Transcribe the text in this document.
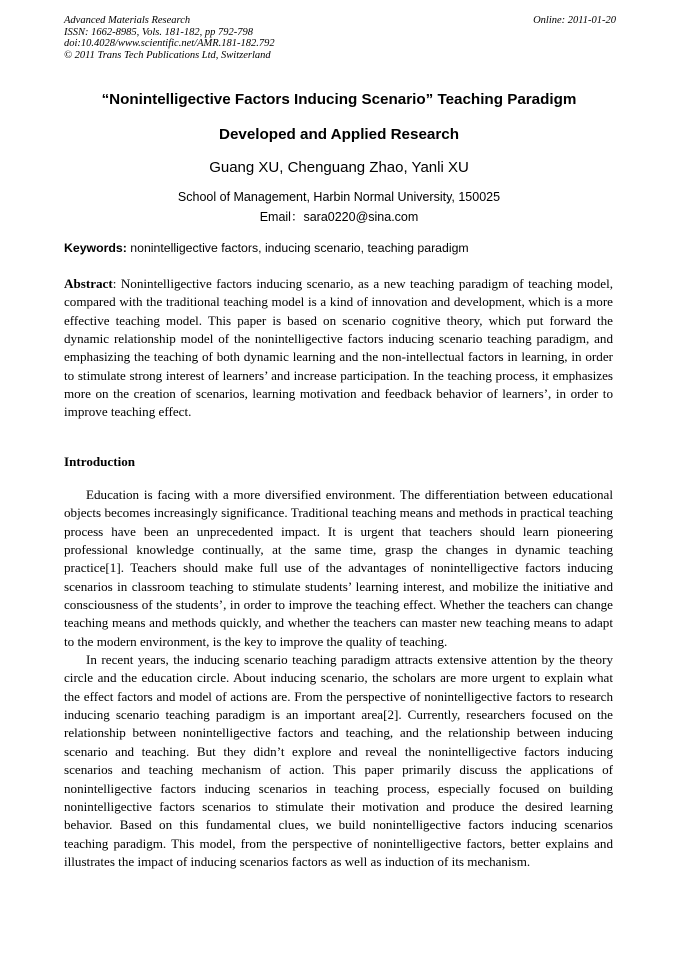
Advanced Materials Research
ISSN: 1662-8985, Vols. 181-182, pp 792-798
doi:10.4028/www.scientific.net/AMR.181-182.792
© 2011 Trans Tech Publications Ltd, Switzerland
Online: 2011-01-20
“Nonintelligective Factors Inducing Scenario” Teaching Paradigm
Developed and Applied Research
Guang XU, Chenguang Zhao, Yanli XU
School of Management, Harbin Normal University, 150025
Email：sara0220@sina.com
Keywords: nonintelligective factors, inducing scenario, teaching paradigm
Abstract: Nonintelligective factors inducing scenario, as a new teaching paradigm of teaching model, compared with the traditional teaching model is a kind of innovation and development, which is a more effective teaching model. This paper is based on scenario cognitive theory, which put forward the dynamic relationship model of the nonintelligective factors inducing scenario teaching paradigm, and emphasizing the teaching of both dynamic learning and the non-intellectual factors in learning, in order to stimulate strong interest of learners’ and increase participation. In the teaching process, it emphasizes more on the creation of scenarios, learning motivation and feedback behavior of learners’, in order to improve teaching effect.
Introduction

Education is facing with a more diversified environment. The differentiation between educational objects becomes increasingly significance. Traditional teaching means and methods in practical teaching process have been an unprecedented impact. It is urgent that teachers should learn pioneering professional knowledge continually, at the same time, grasp the changes in dynamic teaching practice[1]. Teachers should make full use of the advantages of nonintelligective factors inducing scenarios in classroom teaching to stimulate students’ learning interest, and mobilize the initiative and consciousness of the students’, in order to improve the teaching effect. Whether the teachers can change teaching means and methods quickly, and whether the teachers can master new teaching means to adapt to the modern environment, is the key to improve the quality of teaching.

In recent years, the inducing scenario teaching paradigm attracts extensive attention by the theory circle and the education circle. About inducing scenario, the scholars are more urgent to explain what the effect factors and model of actions are. From the perspective of nonintelligective factors to research inducing scenario teaching paradigm is an important area[2]. Currently, researchers focused on the relationship between nonintelligective factors and teaching, and the relationship between inducing scenario and teaching. But they didn’t explore and reveal the nonintelligective factors inducing scenarios and teaching mechanism of action. This paper primarily discuss the applications of nonintelligective factors inducing scenarios in teaching process, especially focused on building nonintelligective factors scenarios to stimulate their motivation and produce the desired learning behavior. Based on this fundamental clues, we build nonintelligective factors inducing scenarios teaching paradigm. This model, from the perspective of nonintelligective factors, better explains and illustrates the impact of inducing scenarios factors as well as induction of its mechanism.
